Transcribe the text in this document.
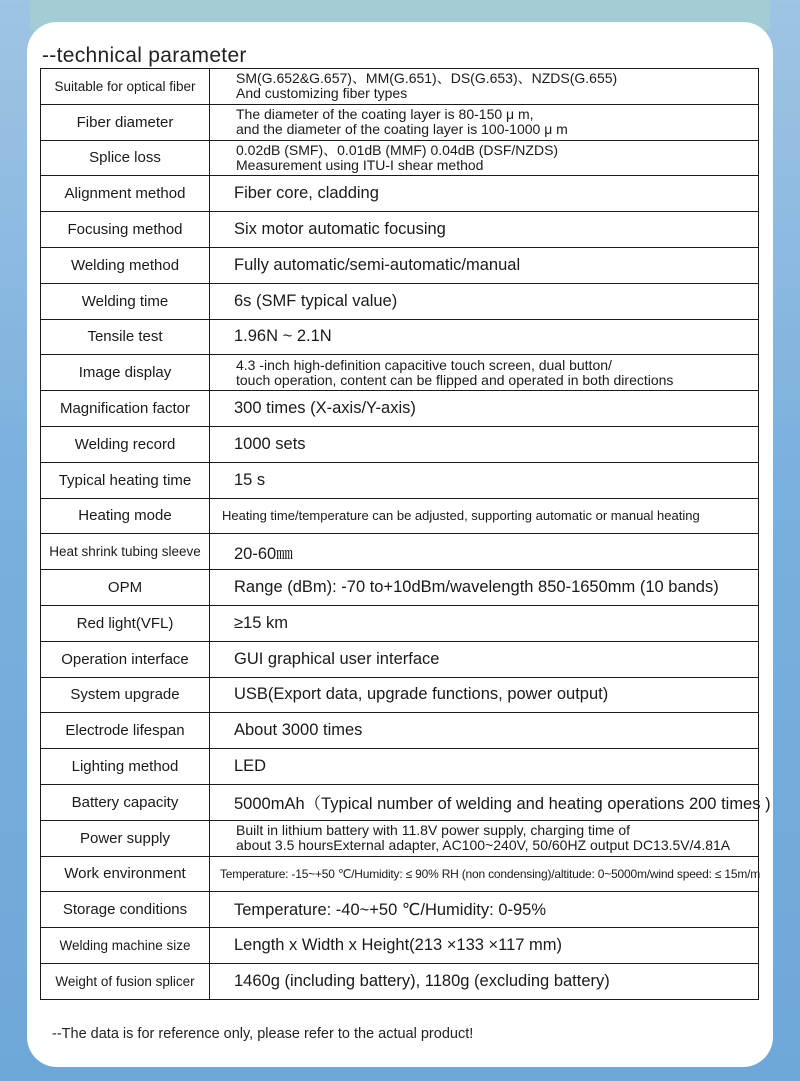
--technical parameter
Suitable for optical fiber	SM(G.652&G.657)、MM(G.651)、DS(G.653)、NZDS(G.655)
And customizing fiber types

Fiber diameter	The diameter of the coating layer is 80-150 μ m,
and the diameter of the coating layer is 100-1000 μ m

Splice loss	0.02dB (SMF)、0.01dB (MMF) 0.04dB (DSF/NZDS)
Measurement using ITU-I shear method

Alignment method	Fiber core, cladding

Focusing method	Six motor automatic focusing

Welding method	Fully automatic/semi-automatic/manual

Welding time	6s (SMF typical value)

Tensile test	1.96N ~ 2.1N

Image display	4.3 -inch high-definition capacitive touch screen, dual button/
touch operation, content can be flipped and operated in both directions

Magnification factor	300 times (X-axis/Y-axis)

Welding record	1000 sets

Typical heating time	15 s

Heating mode	Heating time/temperature can be adjusted, supporting automatic or manual heating

Heat shrink tubing sleeve	20-60㎜

OPM	Range (dBm): -70 to+10dBm/wavelength 850-1650mm (10 bands)

Red light(VFL)	≥15 km

Operation interface	GUI graphical user interface

System upgrade	USB(Export data, upgrade functions, power output)

Electrode lifespan	About 3000 times

Lighting method	LED

Battery capacity	5000mAh（Typical number of welding and heating operations 200 times )

Power supply	Built in lithium battery with 11.8V power supply, charging time of
about 3.5 hoursExternal adapter, AC100~240V, 50/60HZ output DC13.5V/4.81A

Work environment	Temperature: -15~+50 ℃/Humidity: ≤ 90% RH (non condensing)/altitude: 0~5000m/wind speed: ≤ 15m/m

Storage conditions	Temperature: -40~+50 ℃/Humidity: 0-95%

Welding machine size	Length x Width x Height(213 ×133 ×117 mm)

Weight of fusion splicer	1460g (including battery), 1180g (excluding battery)
--The data is for reference only, please refer to the actual product!
